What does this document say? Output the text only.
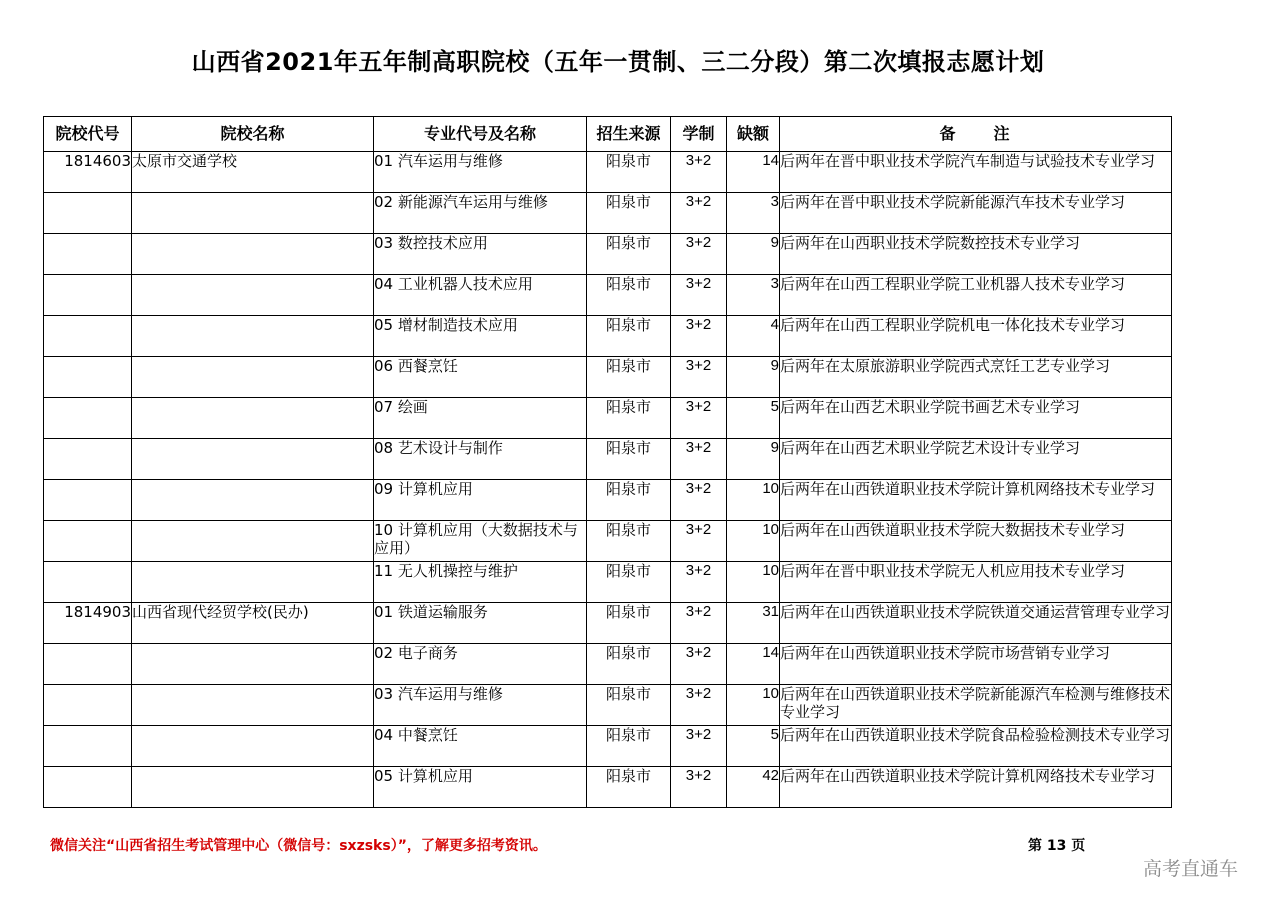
山西省2021年五年制高职院校（五年一贯制、三二分段）第二次填报志愿计划
院校代号	院校名称	专业代号及名称	招生来源	学制	缺额	备　　注
1814603	太原市交通学校	01 汽车运用与维修	阳泉市	3+2	14	后两年在晋中职业技术学院汽车制造与试验技术专业学习
		02 新能源汽车运用与维修	阳泉市	3+2	3	后两年在晋中职业技术学院新能源汽车技术专业学习
		03 数控技术应用	阳泉市	3+2	9	后两年在山西职业技术学院数控技术专业学习
		04 工业机器人技术应用	阳泉市	3+2	3	后两年在山西工程职业学院工业机器人技术专业学习
		05 增材制造技术应用	阳泉市	3+2	4	后两年在山西工程职业学院机电一体化技术专业学习
		06 西餐烹饪	阳泉市	3+2	9	后两年在太原旅游职业学院西式烹饪工艺专业学习
		07 绘画	阳泉市	3+2	5	后两年在山西艺术职业学院书画艺术专业学习
		08 艺术设计与制作	阳泉市	3+2	9	后两年在山西艺术职业学院艺术设计专业学习
		09 计算机应用	阳泉市	3+2	10	后两年在山西铁道职业技术学院计算机网络技术专业学习
		10 计算机应用（大数据技术与应用）	阳泉市	3+2	10	后两年在山西铁道职业技术学院大数据技术专业学习
		11 无人机操控与维护	阳泉市	3+2	10	后两年在晋中职业技术学院无人机应用技术专业学习
1814903	山西省现代经贸学校(民办)	01 铁道运输服务	阳泉市	3+2	31	后两年在山西铁道职业技术学院铁道交通运营管理专业学习
		02 电子商务	阳泉市	3+2	14	后两年在山西铁道职业技术学院市场营销专业学习
		03 汽车运用与维修	阳泉市	3+2	10	后两年在山西铁道职业技术学院新能源汽车检测与维修技术专业学习
		04 中餐烹饪	阳泉市	3+2	5	后两年在山西铁道职业技术学院食品检验检测技术专业学习
		05 计算机应用	阳泉市	3+2	42	后两年在山西铁道职业技术学院计算机网络技术专业学习
微信关注“山西省招生考试管理中心（微信号：sxzsks）”，了解更多招考资讯。	第 13 页
高考直通车
